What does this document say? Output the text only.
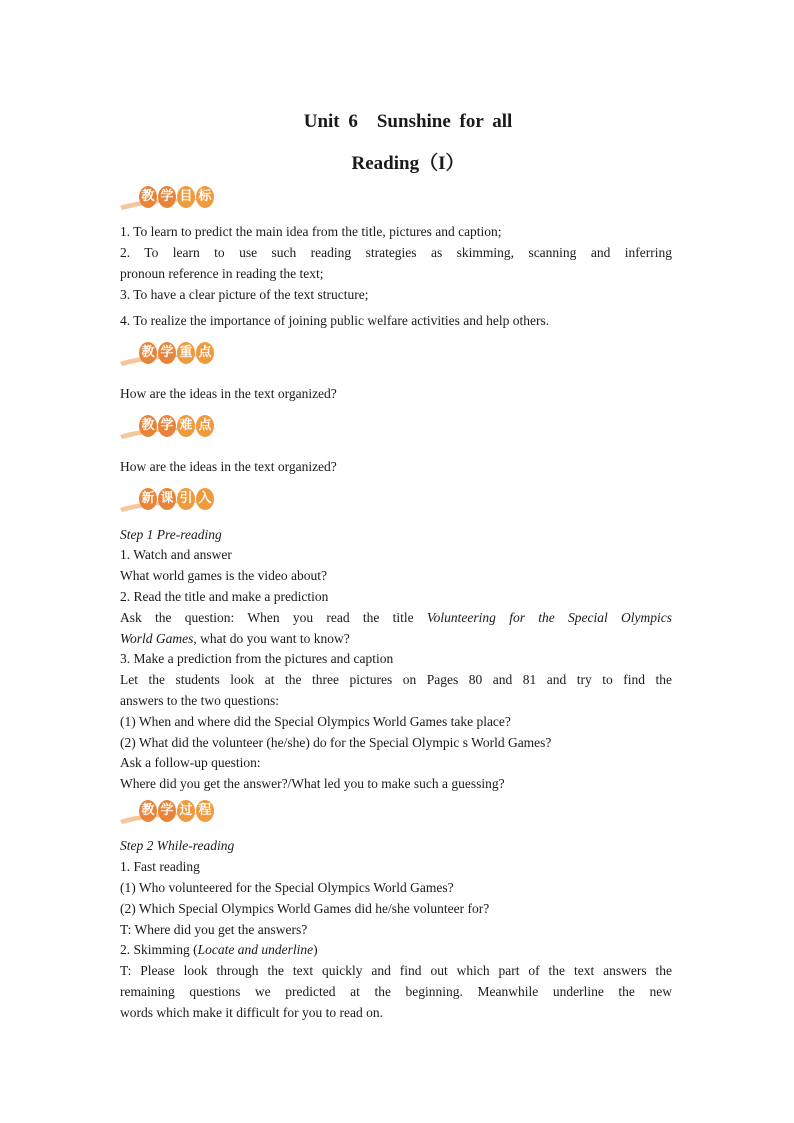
Unit 6　Sunshine for all
Reading（I）
教 学 目 标
1. To learn to predict the main idea from the title, pictures and caption;
2. To learn to use such reading strategies as skimming, scanning and inferring
pronoun reference in reading the text;
3. To have a clear picture of the text structure;
4. To realize the importance of joining public welfare activities and help others.
教 学 重 点
How are the ideas in the text organized?
教 学 难 点
How are the ideas in the text organized?
新 课 引 入
Step 1 Pre-reading
1. Watch and answer
What world games is the video about?
2. Read the title and make a prediction
Ask the question: When you read the title Volunteering for the Special Olympics
World Games, what do you want to know?
3. Make a prediction from the pictures and caption
Let the students look at the three pictures on Pages 80 and 81 and try to find the
answers to the two questions:
(1) When and where did the Special Olympics World Games take place?
(2) What did the volunteer (he/she) do for the Special Olympic s World Games?
Ask a follow-up question:
Where did you get the answer?/What led you to make such a guessing?
教 学 过 程
Step 2 While-reading
1. Fast reading
(1) Who volunteered for the Special Olympics World Games?
(2) Which Special Olympics World Games did he/she volunteer for?
T: Where did you get the answers?
2. Skimming (Locate and underline)
T: Please look through the text quickly and find out which part of the text answers the
remaining questions we predicted at the beginning. Meanwhile underline the new
words which make it difficult for you to read on.
